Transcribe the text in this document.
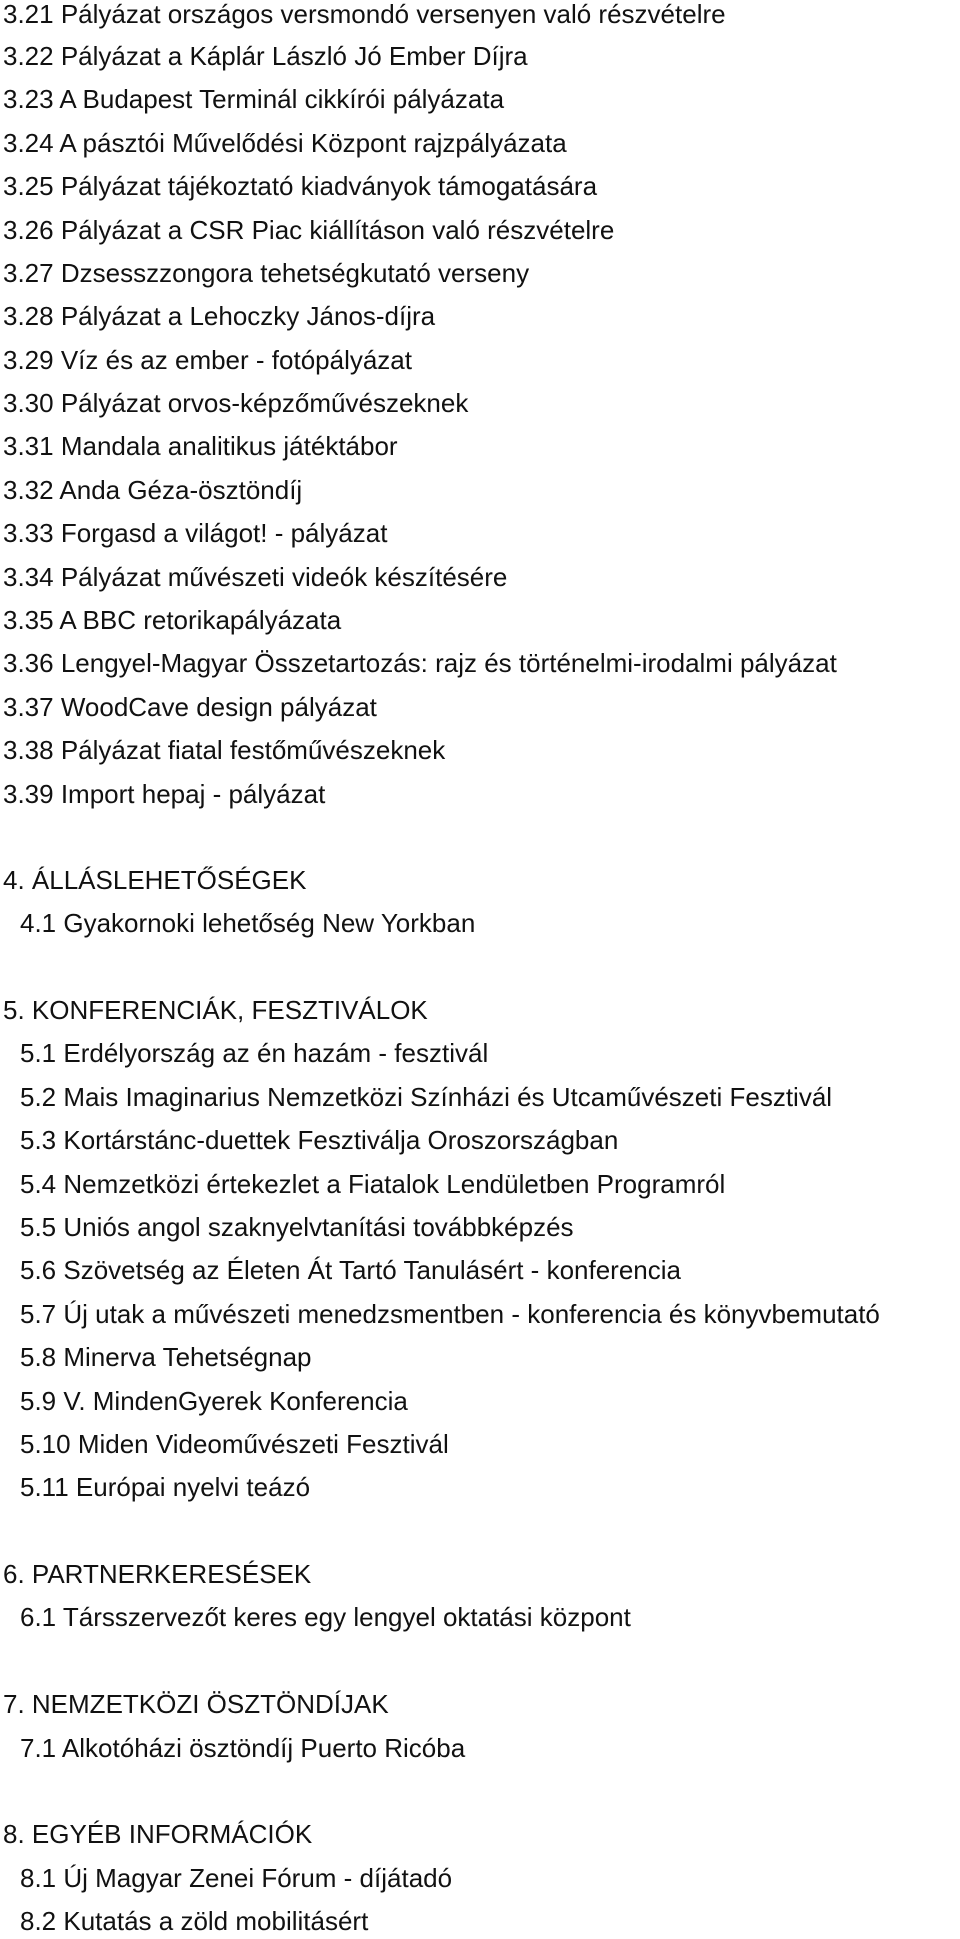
3.21 Pályázat országos versmondó versenyen való részvételre
3.22 Pályázat a Káplár László Jó Ember Díjra
3.23 A Budapest Terminál cikkírói pályázata
3.24 A pásztói Művelődési Központ rajzpályázata
3.25 Pályázat tájékoztató kiadványok támogatására
3.26 Pályázat a CSR Piac kiállításon való részvételre
3.27 Dzsesszzongora tehetségkutató verseny
3.28 Pályázat a Lehoczky János-díjra
3.29 Víz és az ember - fotópályázat
3.30 Pályázat orvos-képzőművészeknek
3.31 Mandala analitikus játéktábor
3.32 Anda Géza-ösztöndíj
3.33 Forgasd a világot! - pályázat
3.34 Pályázat művészeti videók készítésére
3.35 A BBC retorikapályázata
3.36 Lengyel-Magyar Összetartozás: rajz és történelmi-irodalmi pályázat
3.37 WoodCave design pályázat
3.38 Pályázat fiatal festőművészeknek
3.39 Import hepaj - pályázat
4. ÁLLÁSLEHETŐSÉGEK
4.1 Gyakornoki lehetőség New Yorkban
5. KONFERENCIÁK, FESZTIVÁLOK
5.1 Erdélyország az én hazám - fesztivál
5.2 Mais Imaginarius Nemzetközi Színházi és Utcaművészeti Fesztivál
5.3 Kortárstánc-duettek Fesztiválja Oroszországban
5.4 Nemzetközi értekezlet a Fiatalok Lendületben Programról
5.5 Uniós angol szaknyelvtanítási továbbképzés
5.6 Szövetség az Életen Át Tartó Tanulásért - konferencia
5.7 Új utak a művészeti menedzsmentben - konferencia és könyvbemutató
5.8 Minerva Tehetségnap
5.9 V. MindenGyerek Konferencia
5.10 Miden Videoművészeti Fesztivál
5.11 Európai nyelvi teázó
6. PARTNERKERESÉSEK
6.1 Társszervezőt keres egy lengyel oktatási központ
7. NEMZETKÖZI ÖSZTÖNDÍJAK
7.1 Alkotóházi ösztöndíj Puerto Ricóba
8. EGYÉB INFORMÁCIÓK
8.1 Új Magyar Zenei Fórum - díjátadó
8.2 Kutatás a zöld mobilitásért
